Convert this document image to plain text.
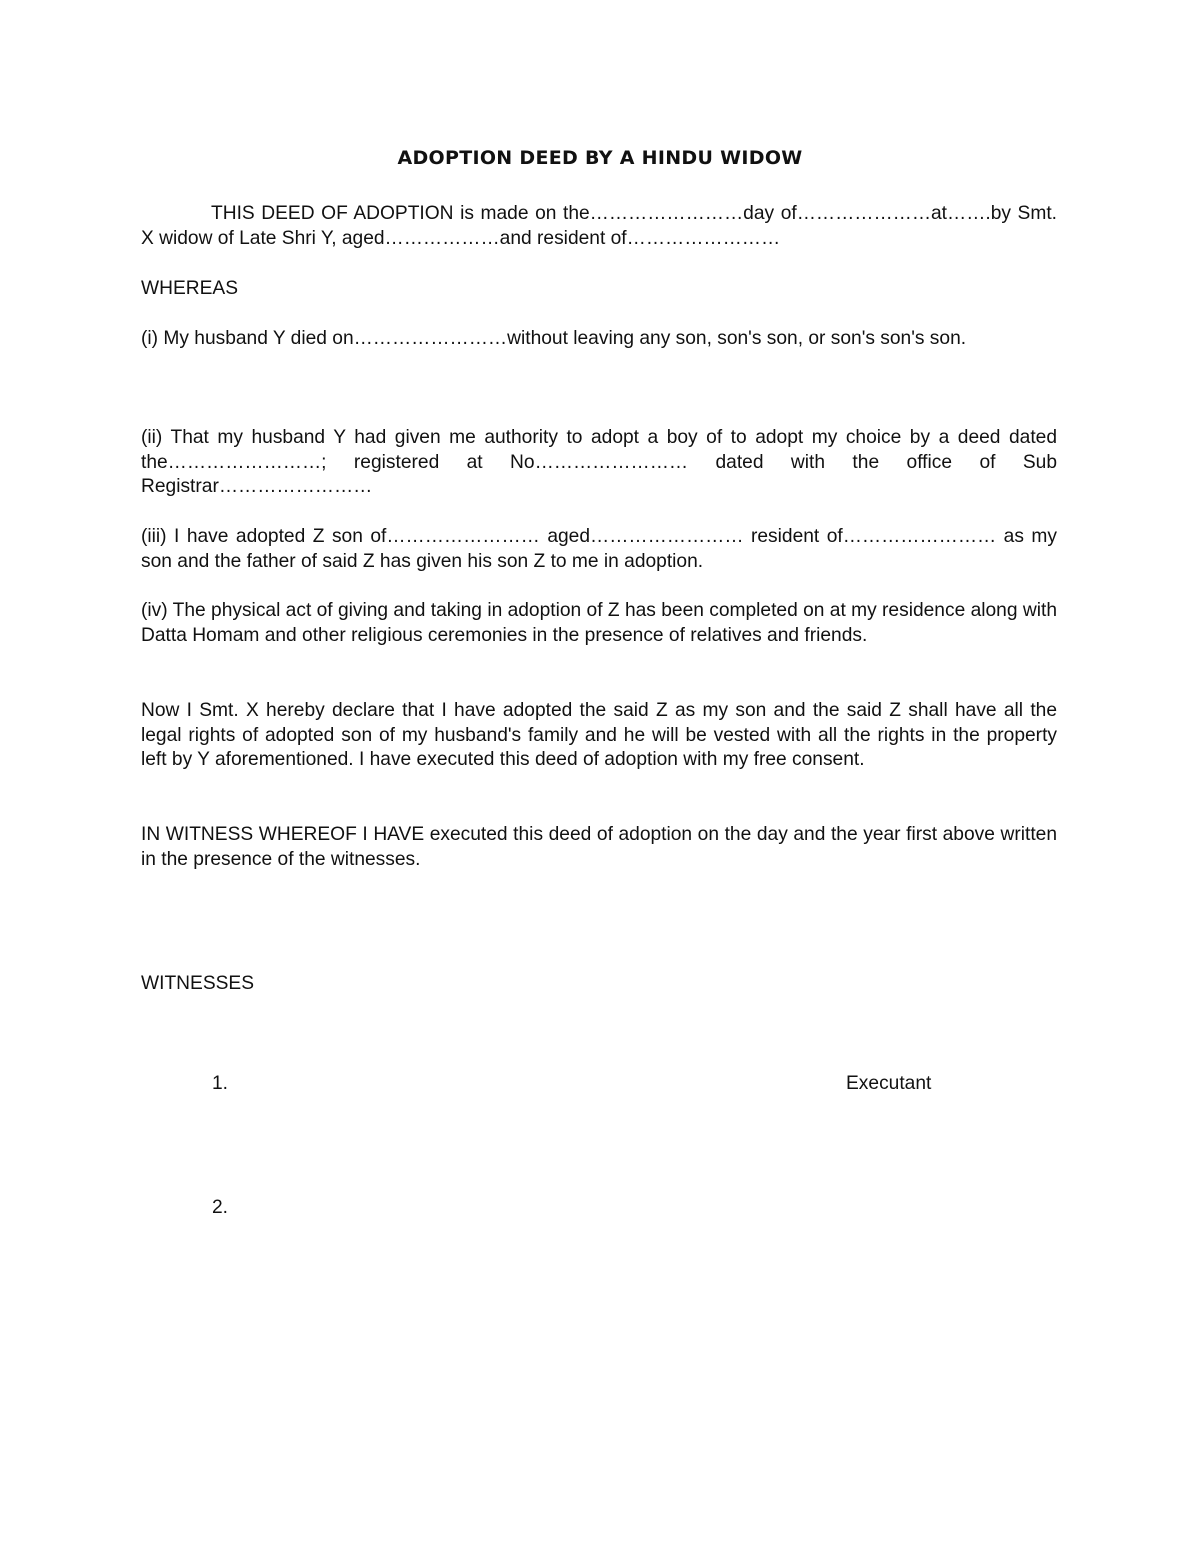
ADOPTION DEED BY A HINDU WIDOW

THIS DEED OF ADOPTION is made on the……………………day of…………………at…….by Smt. X widow of Late Shri Y, aged………………and resident of……………………

WHEREAS

(i) My husband Y died on……………………without leaving any son, son's son, or son's son's son.

(ii) That my husband Y had given me authority to adopt a boy of to adopt my choice by a deed dated the……………………; registered at No…………………… dated with the office of Sub Registrar……………………

(iii) I have adopted Z son of…………………… aged…………………… resident of…………………… as my son and the father of said Z has given his son Z to me in adoption.

(iv) The physical act of giving and taking in adoption of Z has been completed on at my residence along with Datta Homam and other religious ceremonies in the presence of relatives and friends.

Now I Smt. X hereby declare that I have adopted the said Z as my son and the said Z shall have all the legal rights of adopted son of my husband's family and he will be vested with all the rights in the property left by Y aforementioned. I have executed this deed of adoption with my free consent.

IN WITNESS WHEREOF I HAVE executed this deed of adoption on the day and the year first above written in the presence of the witnesses.

WITNESSES

1.	Executant

2.
